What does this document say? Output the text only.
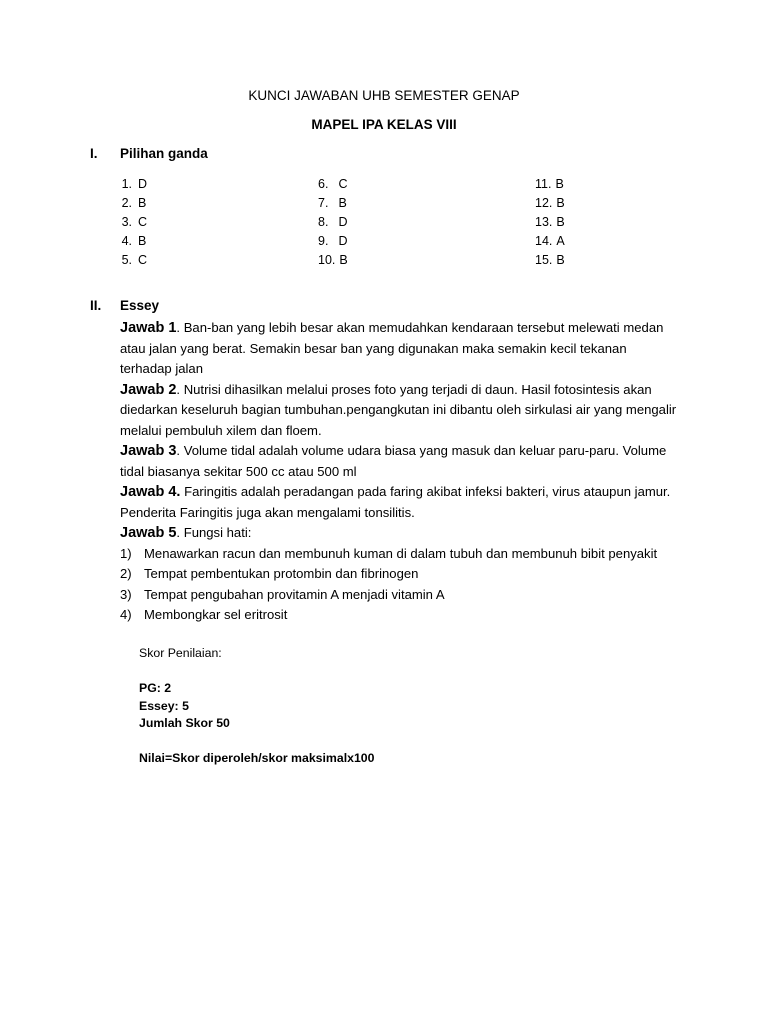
KUNCI JAWABAN UHB SEMESTER GENAP
MAPEL IPA KELAS VIII
I. Pilihan ganda
1. D
2. B
3. C
4. B
5. C
6. C
7. B
8. D
9. D
10. B
11. B
12. B
13. B
14. A
15. B
II. Essey

Jawab 1. Ban-ban yang lebih besar akan memudahkan kendaraan tersebut melewati medan atau jalan yang berat. Semakin besar ban yang digunakan maka semakin kecil tekanan terhadap jalan

Jawab 2. Nutrisi dihasilkan melalui proses foto yang terjadi di daun. Hasil fotosintesis akan diedarkan keseluruh bagian tumbuhan.pengangkutan ini dibantu oleh sirkulasi air yang mengalir melalui pembuluh xilem dan floem.

Jawab 3. Volume tidal adalah volume udara biasa yang masuk dan keluar paru-paru. Volume tidal biasanya sekitar 500 cc atau 500 ml

Jawab 4. Faringitis adalah peradangan pada faring akibat infeksi bakteri, virus ataupun jamur. Penderita Faringitis juga akan mengalami tonsilitis.

Jawab 5. Fungsi hati:

1) Menawarkan racun dan membunuh kuman di dalam tubuh dan membunuh bibit penyakit
2) Tempat pembentukan protombin dan fibrinogen
3) Tempat pengubahan provitamin A menjadi vitamin A
4) Membongkar sel eritrosit
Skor Penilaian:
PG: 2
Essey: 5
Jumlah Skor 50
Nilai=Skor diperoleh/skor maksimalx100
